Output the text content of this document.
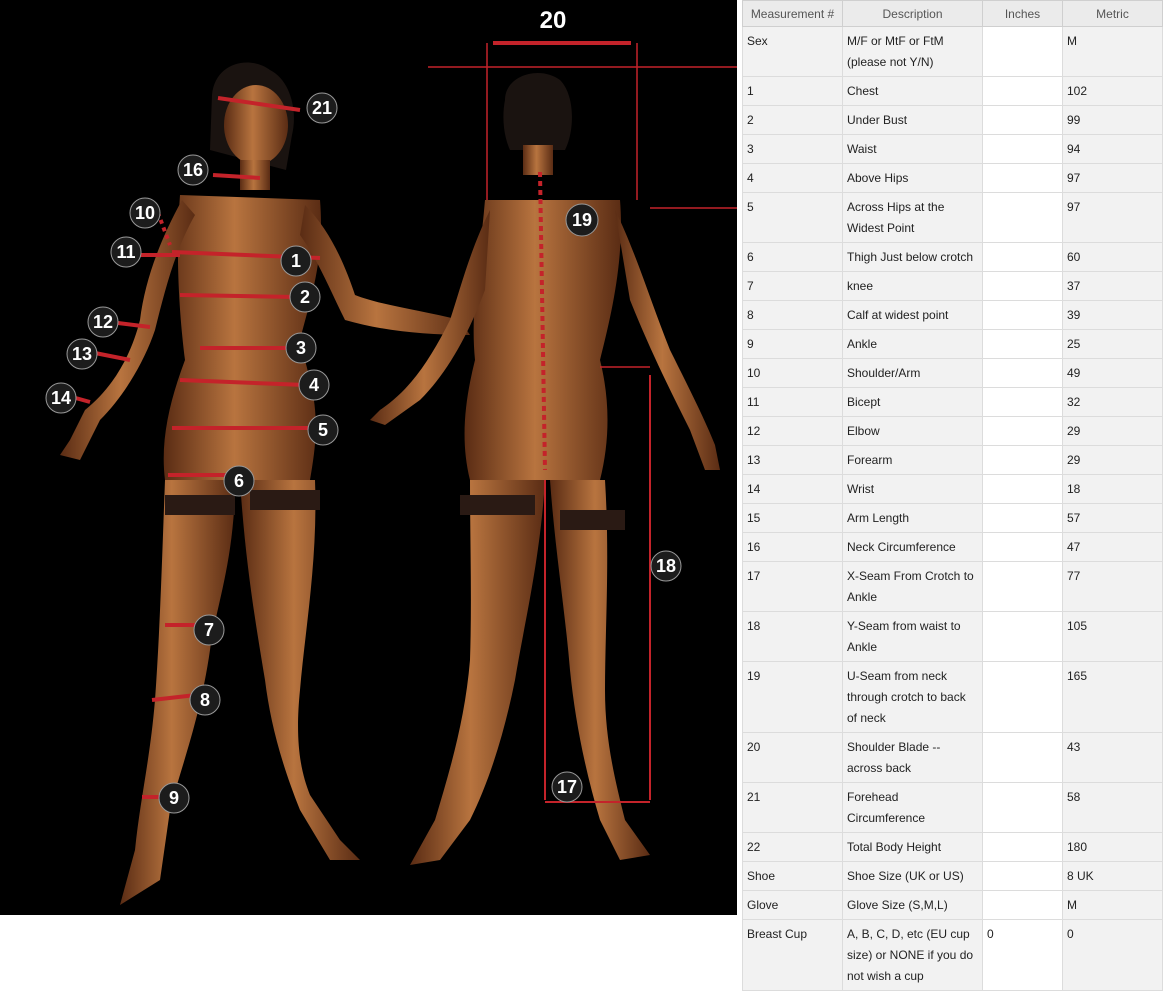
20
21
16
10
11	1
2
12
13	3
4
14
5
6
7
8
9
19
18
17
Measurement #	Description	Inches	Metric
Sex	M/F or MtF or FtM (please not Y/N)		M
1	Chest		102
2	Under Bust		99
3	Waist		94
4	Above Hips		97
5	Across Hips at the Widest Point		97
6	Thigh Just below crotch		60
7	knee		37
8	Calf at widest point		39
9	Ankle		25
10	Shoulder/Arm		49
11	Bicept		32
12	Elbow		29
13	Forearm		29
14	Wrist		18
15	Arm Length		57
16	Neck Circumference		47
17	X-Seam From Crotch to Ankle		77
18	Y-Seam from waist to Ankle		105
19	U-Seam from neck through crotch to back of neck		165
20	Shoulder Blade -- across back		43
21	Forehead Circumference		58
22	Total Body Height		180
Shoe	Shoe Size (UK or US)		8 UK
Glove	Glove Size (S,M,L)		M
Breast Cup	A, B, C, D, etc (EU cup size) or NONE if you do not wish a cup	0	0
